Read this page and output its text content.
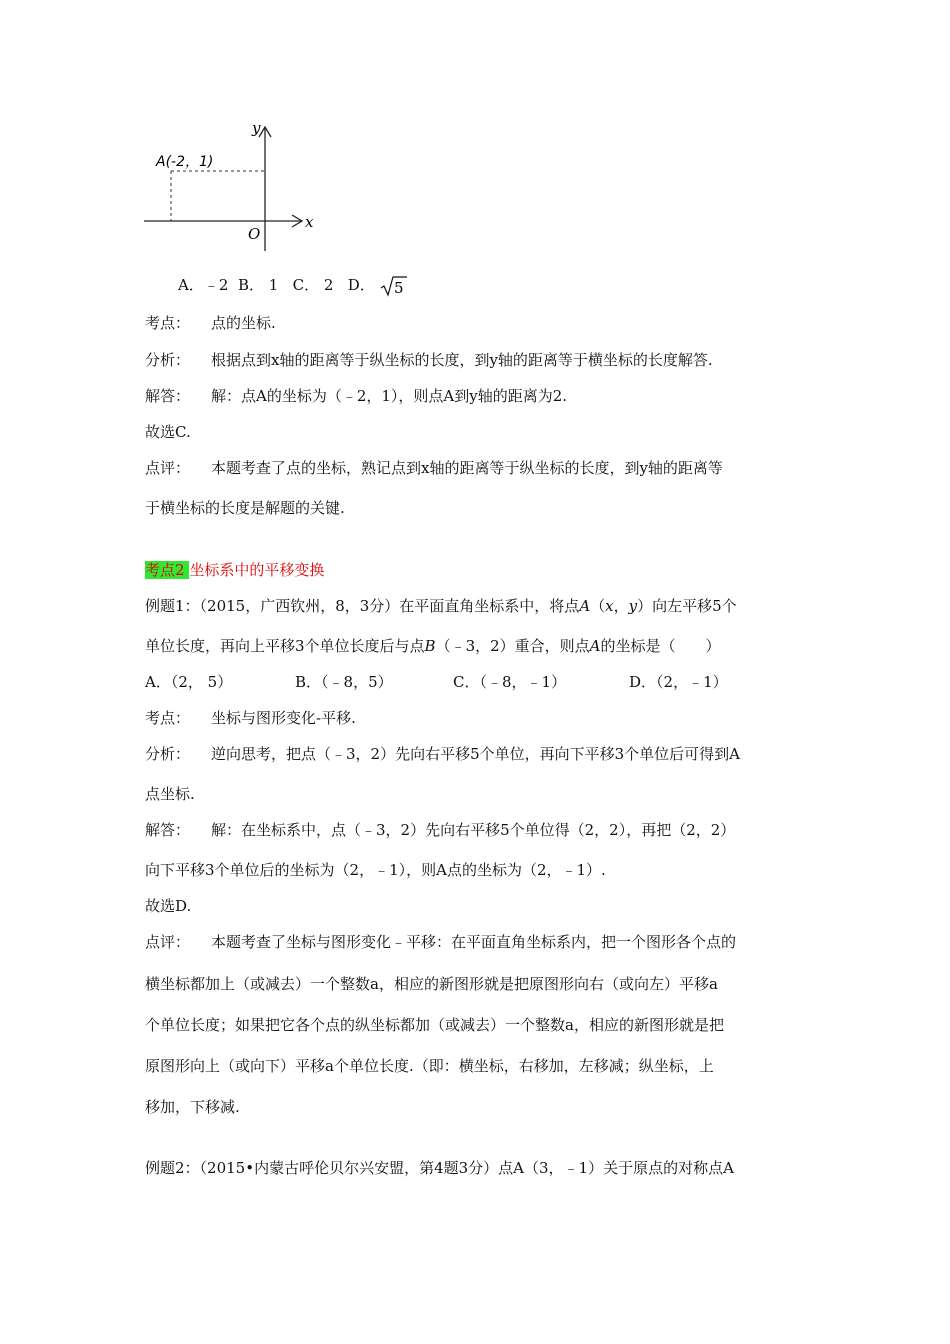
y
x
O
A(-2，1)
A．﹣2 B． 1 C． 2 D． 5
考点： 点的坐标.
分析： 根据点到x轴的距离等于纵坐标的长度，到y轴的距离等于横坐标的长度解答.
解答： 解：点A的坐标为（﹣2，1），则点A到y轴的距离为2.
故选C.
点评： 本题考查了点的坐标，熟记点到x轴的距离等于纵坐标的长度，到y轴的距离等
于横坐标的长度是解题的关键.
考点2 坐标系中的平移变换
例题1：（2015，广西钦州，8，3分）在平面直角坐标系中，将点A（x，y）向左平移5个
单位长度，再向上平移3个单位长度后与点B（﹣3，2）重合，则点A的坐标是（　　）
A．（2， 5）	B．（﹣8，5）	C．（﹣8，﹣1）	D．（2，﹣1）
考点： 坐标与图形变化-平移.
分析： 逆向思考，把点（﹣3，2）先向右平移5个单位，再向下平移3个单位后可得到A
点坐标.
解答： 解：在坐标系中，点（﹣3，2）先向右平移5个单位得（2，2），再把（2，2）
向下平移3个单位后的坐标为（2，﹣1），则A点的坐标为（2，﹣1）.
故选D.
点评： 本题考查了坐标与图形变化﹣平移：在平面直角坐标系内，把一个图形各个点的
横坐标都加上（或减去）一个整数a，相应的新图形就是把原图形向右（或向左）平移a
个单位长度；如果把它各个点的纵坐标都加（或减去）一个整数a，相应的新图形就是把
原图形向上（或向下）平移a个单位长度.（即：横坐标，右移加，左移减；纵坐标，上
移加，下移减.
例题2：（2015•内蒙古呼伦贝尔兴安盟，第4题3分）点A（3，﹣1）关于原点的对称点A
